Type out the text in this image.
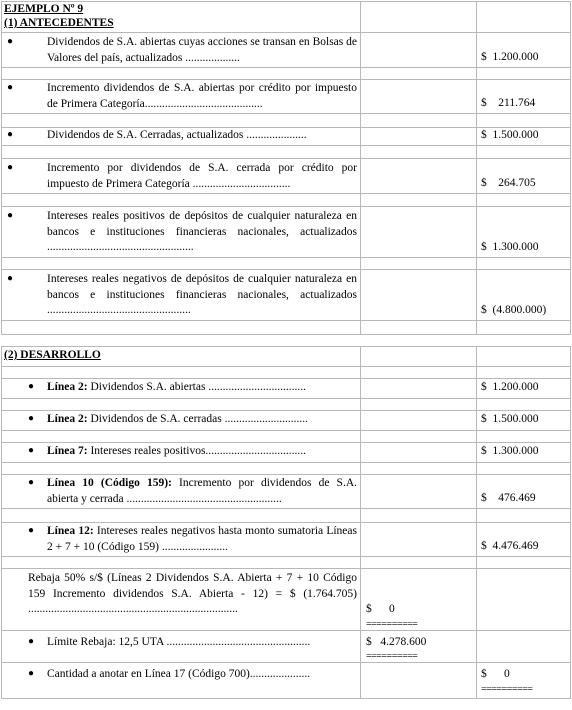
EJEMPLO Nº 9
(1) ANTECEDENTES
●	Dividendos de S.A. abiertas cuyas acciones se transan en Bolsas de Valores del país, actualizados ...................	$  1.200.000
●	Incremento dividendos de S.A. abiertas por crédito por impuesto de Primera Categoría.........................................	$    211.764
●	Dividendos de S.A. Cerradas, actualizados .....................	$  1.500.000
●	Incremento por dividendos de S.A. cerrada por crédito por impuesto de Primera Categoría ..................................	$    264.705
●	Intereses reales positivos de depósitos de cualquier naturaleza en bancos e instituciones financieras nacionales, actualizados ...................................................	$  1.300.000
●	Intereses reales negativos de depósitos de cualquier naturaleza en bancos e instituciones financieras nacionales, actualizados ..................................................	$  (4.800.000)
(2) DESARROLLO
● Línea 2: Dividendos S.A. abiertas ..................................	$  1.200.000
● Línea 2: Dividendos de S.A. cerradas .............................	$  1.500.000
● Línea 7: Intereses reales positivos...................................	$  1.300.000
● Línea 10 (Código 159): Incremento por dividendos de S.A. abierta y cerrada ......................................................	$    476.469
● Línea 12: Intereses reales negativos hasta monto sumatoria Líneas 2 + 7 + 10 (Código 159) .......................	$  4.476.469
Rebaja 50% s/$ (Líneas 2 Dividendos S.A. Abierta + 7 + 10 Código 159 Incremento dividendos S.A. Abierta - 12) = $ (1.764.705) .........................................................................	$      0
==========
● Límite Rebaja: 12,5 UTA ..................................................	$   4.278.600
==========
● Cantidad a anotar en Línea 17 (Código 700).....................	$      0
==========
